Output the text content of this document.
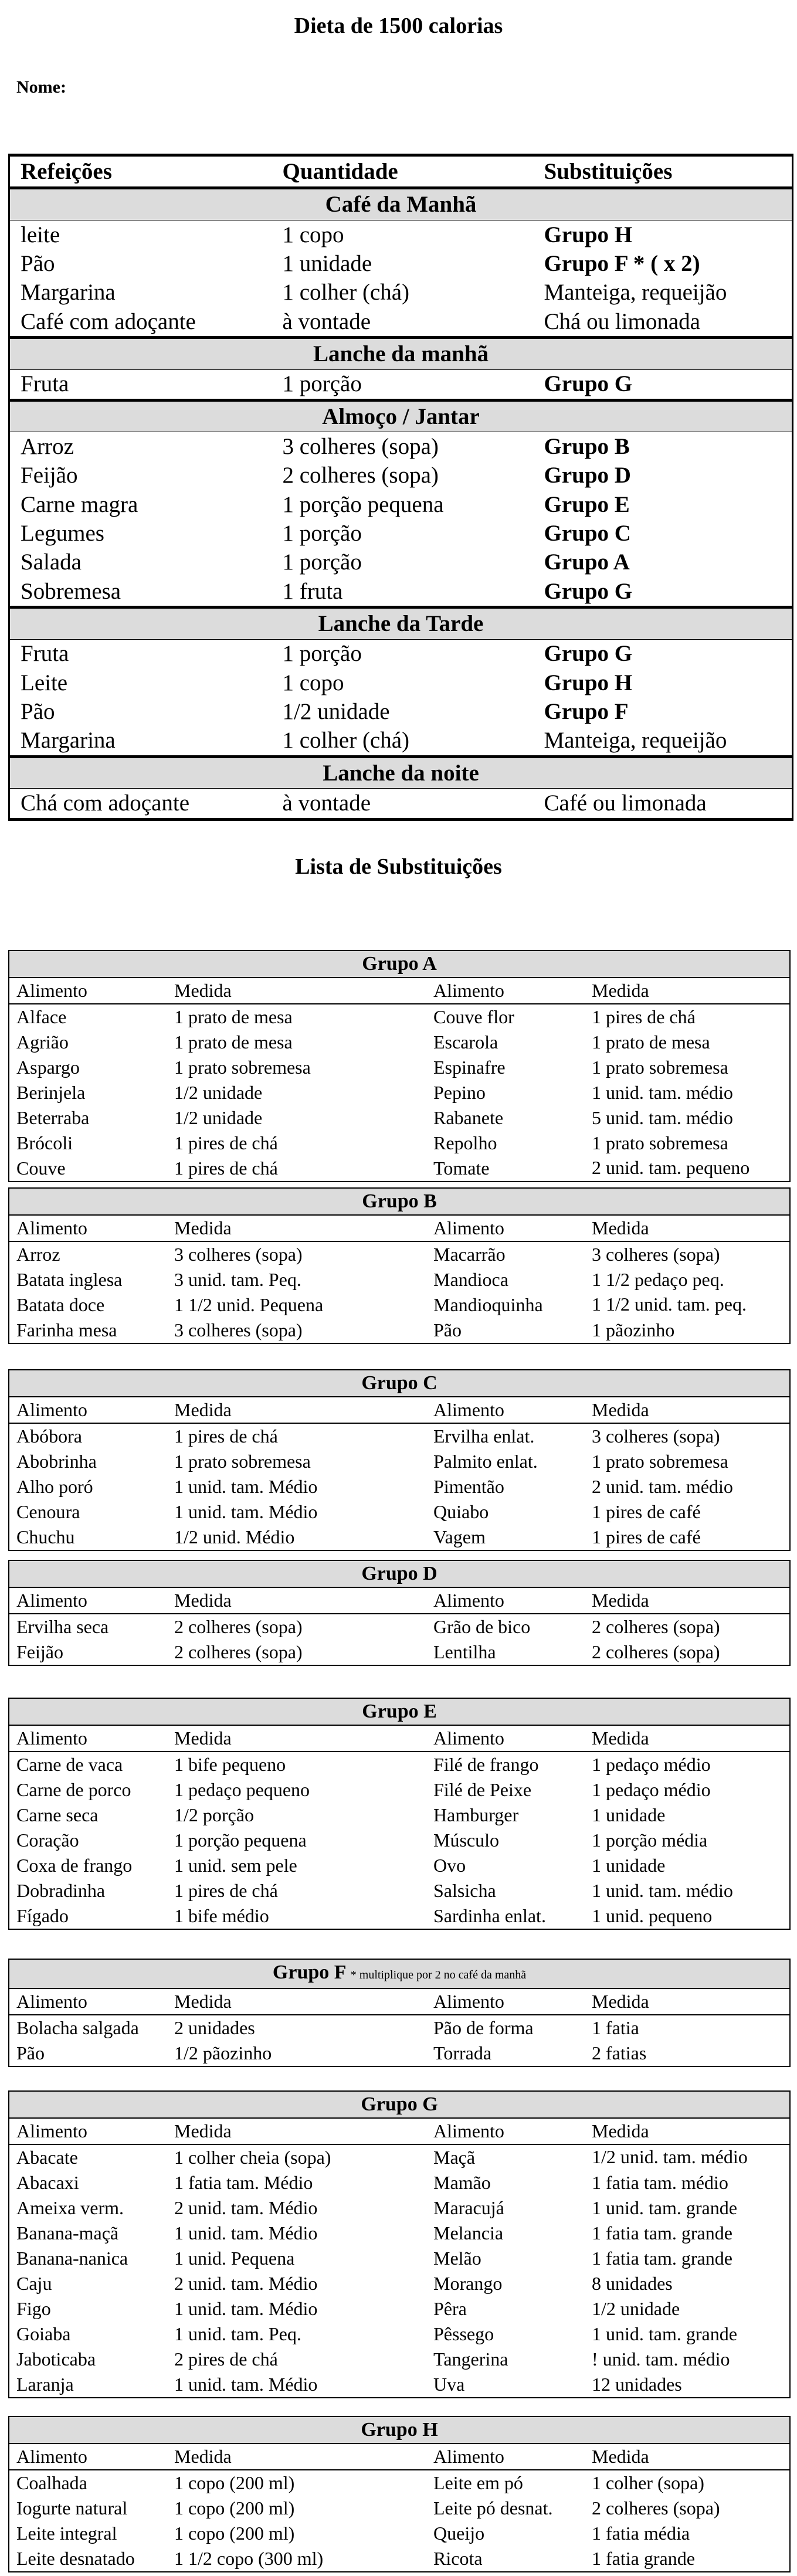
Dieta de 1500 calorias
Nome:
Refeições	Quantidade	Substituições
Café da Manhã		
leite	1 copo	Grupo H
Pão	1 unidade	Grupo F * ( x 2)
Margarina	1 colher (chá)	Manteiga, requeijão
Café com adoçante	à vontade	Chá ou limonada
Lanche da manhã		
Fruta	1 porção	Grupo G
Almoço / Jantar		
Arroz	3 colheres (sopa)	Grupo B
Feijão	2 colheres (sopa)	Grupo D
Carne magra	1 porção pequena	Grupo E
Legumes	1 porção	Grupo C
Salada	1 porção	Grupo A
Sobremesa	1 fruta	Grupo G
Lanche da Tarde		
Fruta	1 porção	Grupo G
Leite	1 copo	Grupo H
Pão	1/2 unidade	Grupo F
Margarina	1 colher (chá)	Manteiga, requeijão
Lanche da noite		
Chá com adoçante	à vontade	Café ou limonada
Lista de Substituições
Grupo A			
Alimento	Medida	Alimento	Medida
Alface	1 prato de mesa	Couve flor	1 pires de chá
Agrião	1 prato de mesa	Escarola	1 prato de mesa
Aspargo	1 prato sobremesa	Espinafre	1 prato sobremesa
Berinjela	1/2 unidade	Pepino	1 unid. tam. médio
Beterraba	1/2 unidade	Rabanete	5 unid. tam. médio
Brócoli	1 pires de chá	Repolho	1 prato sobremesa
Couve	1 pires de chá	Tomate	2 unid. tam. pequeno
Grupo B			
Alimento	Medida	Alimento	Medida
Arroz	3 colheres (sopa)	Macarrão	3 colheres (sopa)
Batata inglesa	3 unid. tam. Peq.	Mandioca	1 1/2 pedaço peq.
Batata doce	1 1/2 unid. Pequena	Mandioquinha	1 1/2 unid. tam. peq.
Farinha mesa	3 colheres (sopa)	Pão	1 pãozinho
Grupo C			
Alimento	Medida	Alimento	Medida
Abóbora	1 pires de chá	Ervilha enlat.	3 colheres (sopa)
Abobrinha	1 prato sobremesa	Palmito enlat.	1 prato sobremesa
Alho poró	1 unid. tam. Médio	Pimentão	2 unid. tam. médio
Cenoura	1 unid. tam. Médio	Quiabo	1 pires de café
Chuchu	1/2 unid. Médio	Vagem	1 pires de café
Grupo D			
Alimento	Medida	Alimento	Medida
Ervilha seca	2 colheres (sopa)	Grão de bico	2 colheres (sopa)
Feijão	2 colheres (sopa)	Lentilha	2 colheres (sopa)
Grupo E			
Alimento	Medida	Alimento	Medida
Carne de vaca	1 bife pequeno	Filé de frango	1 pedaço médio
Carne de porco	1 pedaço pequeno	Filé de Peixe	1 pedaço médio
Carne seca	1/2 porção	Hamburger	1 unidade
Coração	1 porção pequena	Músculo	1 porção média
Coxa de frango	1 unid. sem pele	Ovo	1 unidade
Dobradinha	1 pires de chá	Salsicha	1 unid. tam. médio
Fígado	1 bife médio	Sardinha enlat.	1 unid. pequeno
Grupo F * multiplique por 2 no café da manhã			
Alimento	Medida	Alimento	Medida
Bolacha salgada	2 unidades	Pão de forma	1 fatia
Pão	1/2 pãozinho	Torrada	2 fatias
Grupo G			
Alimento	Medida	Alimento	Medida
Abacate	1 colher cheia (sopa)	Maçã	1/2 unid. tam. médio
Abacaxi	1 fatia tam. Médio	Mamão	1 fatia tam. médio
Ameixa verm.	2 unid. tam. Médio	Maracujá	1 unid. tam. grande
Banana-maçã	1 unid. tam. Médio	Melancia	1 fatia tam. grande
Banana-nanica	1 unid. Pequena	Melão	1 fatia tam. grande
Caju	2 unid. tam. Médio	Morango	8 unidades
Figo	1 unid. tam. Médio	Pêra	1/2 unidade
Goiaba	1 unid. tam. Peq.	Pêssego	1 unid. tam. grande
Jaboticaba	2 pires de chá	Tangerina	! unid. tam. médio
Laranja	1 unid. tam. Médio	Uva	12 unidades
Grupo H			
Alimento	Medida	Alimento	Medida
Coalhada	1 copo (200 ml)	Leite em pó	1 colher (sopa)
Iogurte natural	1 copo (200 ml)	Leite pó desnat.	2 colheres (sopa)
Leite integral	1 copo (200 ml)	Queijo	1 fatia média
Leite desnatado	1 1/2 copo (300 ml)	Ricota	1 fatia grande
